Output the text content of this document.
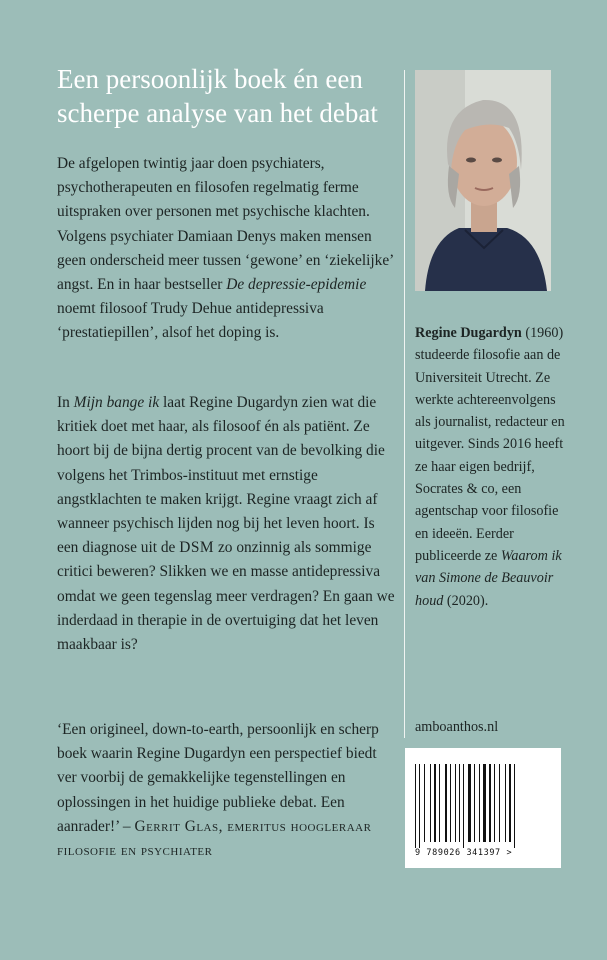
Een persoonlijk boek én een
scherpe analyse van het debat

De afgelopen twintig jaar doen psychiaters, psychotherapeuten en filosofen regelmatig ferme uitspraken over personen met psychische klachten. Volgens psychiater Damiaan Denys maken mensen geen onderscheid meer tussen ‘gewone’ en ‘ziekelijke’ angst. En in haar bestseller De depressie-epidemie noemt filosoof Trudy Dehue antidepressiva ‘prestatiepillen’, alsof het doping is.

In Mijn bange ik laat Regine Dugardyn zien wat die kritiek doet met haar, als filosoof én als patiënt. Ze hoort bij de bijna dertig procent van de bevolking die volgens het Trimbos-instituut met ernstige angstklachten te maken krijgt. Regine vraagt zich af wanneer psychisch lijden nog bij het leven hoort. Is een diagnose uit de DSM zo onzinnig als sommige critici beweren? Slikken we en masse antidepressiva omdat we geen tegenslag meer verdragen? En gaan we inderdaad in therapie in de overtuiging dat het leven maakbaar is?

‘Een origineel, down-to-earth, persoonlijk en scherp boek waarin Regine Dugardyn een perspectief biedt ver voorbij de gemakkelijke tegenstellingen en oplossingen in het huidige publieke debat. Een aanrader!’ – Gerrit Glas, emeritus hoogleraar filosofie en psychiater

Regine Dugardyn (1960) studeerde filosofie aan de Universiteit Utrecht. Ze werkte achtereenvolgens als journalist, redacteur en uitgever. Sinds 2016 heeft ze haar eigen bedrijf, Socrates & co, een agentschap voor filosofie en ideeën. Eerder publiceerde ze Waarom ik van Simone de Beauvoir houd (2020).

amboanthos.nl
9 789026 341397 >
